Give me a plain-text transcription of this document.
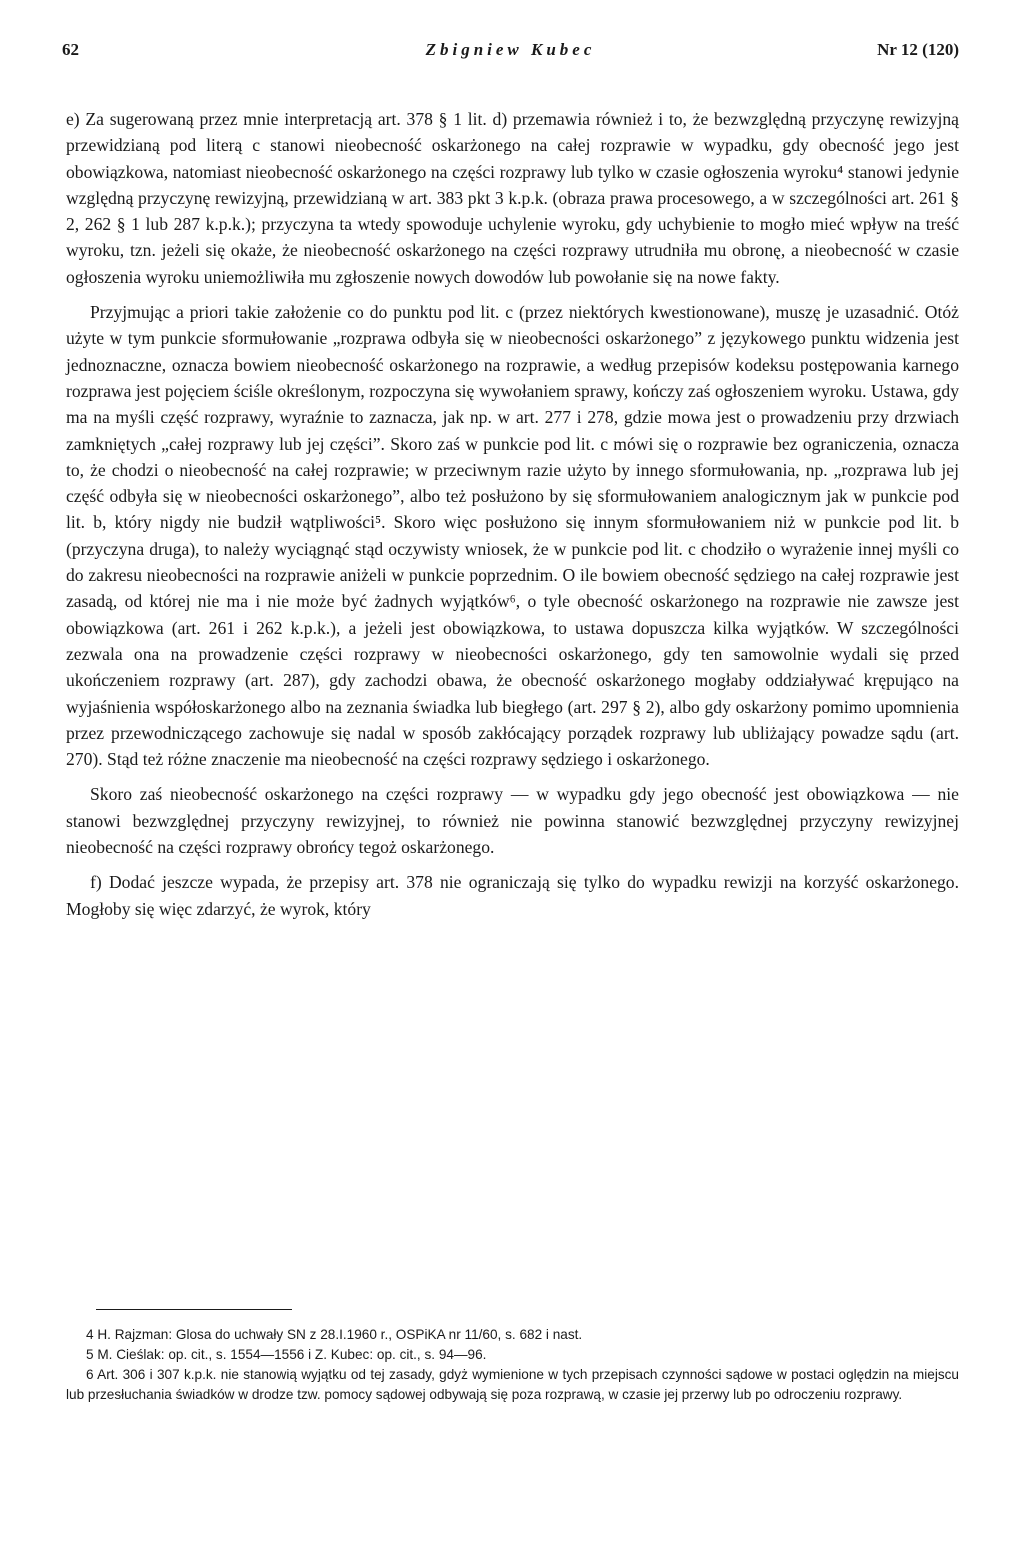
62	Zbigniew Kubec	Nr 12 (120)

e) Za sugerowaną przez mnie interpretacją art. 378 § 1 lit. d) przemawia również i to, że bezwzględną przyczynę rewizyjną przewidzianą pod literą c stanowi nieobecność oskarżonego na całej rozprawie w wypadku, gdy obecność jego jest obowiązkowa, natomiast nieobecność oskarżonego na części rozprawy lub tylko w czasie ogłoszenia wyroku⁴ stanowi jedynie względną przyczynę rewizyjną, przewidzianą w art. 383 pkt 3 k.p.k. (obraza prawa procesowego, a w szczególności art. 261 § 2, 262 § 1 lub 287 k.p.k.); przyczyna ta wtedy spowoduje uchylenie wyroku, gdy uchybienie to mogło mieć wpływ na treść wyroku, tzn. jeżeli się okaże, że nieobecność oskarżonego na części rozprawy utrudniła mu obronę, a nieobecność w czasie ogłoszenia wyroku uniemożliwiła mu zgłoszenie nowych dowodów lub powołanie się na nowe fakty.

Przyjmując a priori takie założenie co do punktu pod lit. c (przez niektórych kwestionowane), muszę je uzasadnić. Otóż użyte w tym punkcie sformułowanie „rozprawa odbyła się w nieobecności oskarżonego” z językowego punktu widzenia jest jednoznaczne, oznacza bowiem nieobecność oskarżonego na rozprawie, a według przepisów kodeksu postępowania karnego rozprawa jest pojęciem ściśle określonym, rozpoczyna się wywołaniem sprawy, kończy zaś ogłoszeniem wyroku. Ustawa, gdy ma na myśli część rozprawy, wyraźnie to zaznacza, jak np. w art. 277 i 278, gdzie mowa jest o prowadzeniu przy drzwiach zamkniętych „całej rozprawy lub jej części”. Skoro zaś w punkcie pod lit. c mówi się o rozprawie bez ograniczenia, oznacza to, że chodzi o nieobecność na całej rozprawie; w przeciwnym razie użyto by innego sformułowania, np. „rozprawa lub jej część odbyła się w nieobecności oskarżonego”, albo też posłużono by się sformułowaniem analogicznym jak w punkcie pod lit. b, który nigdy nie budził wątpliwości⁵. Skoro więc posłużono się innym sformułowaniem niż w punkcie pod lit. b (przyczyna druga), to należy wyciągnąć stąd oczywisty wniosek, że w punkcie pod lit. c chodziło o wyrażenie innej myśli co do zakresu nieobecności na rozprawie aniżeli w punkcie poprzednim. O ile bowiem obecność sędziego na całej rozprawie jest zasadą, od której nie ma i nie może być żadnych wyjątków⁶, o tyle obecność oskarżonego na rozprawie nie zawsze jest obowiązkowa (art. 261 i 262 k.p.k.), a jeżeli jest obowiązkowa, to ustawa dopuszcza kilka wyjątków. W szczególności zezwala ona na prowadzenie części rozprawy w nieobecności oskarżonego, gdy ten samowolnie wydali się przed ukończeniem rozprawy (art. 287), gdy zachodzi obawa, że obecność oskarżonego mogłaby oddziaływać krępująco na wyjaśnienia współoskarżonego albo na zeznania świadka lub biegłego (art. 297 § 2), albo gdy oskarżony pomimo upomnienia przez przewodniczącego zachowuje się nadal w sposób zakłócający porządek rozprawy lub ubliżający powadze sądu (art. 270). Stąd też różne znaczenie ma nieobecność na części rozprawy sędziego i oskarżonego.

Skoro zaś nieobecność oskarżonego na części rozprawy — w wypadku gdy jego obecność jest obowiązkowa — nie stanowi bezwzględnej przyczyny rewizyjnej, to również nie powinna stanowić bezwzględnej przyczyny rewizyjnej nieobecność na części rozprawy obrońcy tegoż oskarżonego.

f) Dodać jeszcze wypada, że przepisy art. 378 nie ograniczają się tylko do wypadku rewizji na korzyść oskarżonego. Mogłoby się więc zdarzyć, że wyrok, który

4 H. Rajzman: Glosa do uchwały SN z 28.I.1960 r., OSPiKA nr 11/60, s. 682 i nast.

5 M. Cieślak: op. cit., s. 1554—1556 i Z. Kubec: op. cit., s. 94—96.

6 Art. 306 i 307 k.p.k. nie stanowią wyjątku od tej zasady, gdyż wymienione w tych przepisach czynności sądowe w postaci oględzin na miejscu lub przesłuchania świadków w drodze tzw. pomocy sądowej odbywają się poza rozprawą, w czasie jej przerwy lub po odroczeniu rozprawy.
